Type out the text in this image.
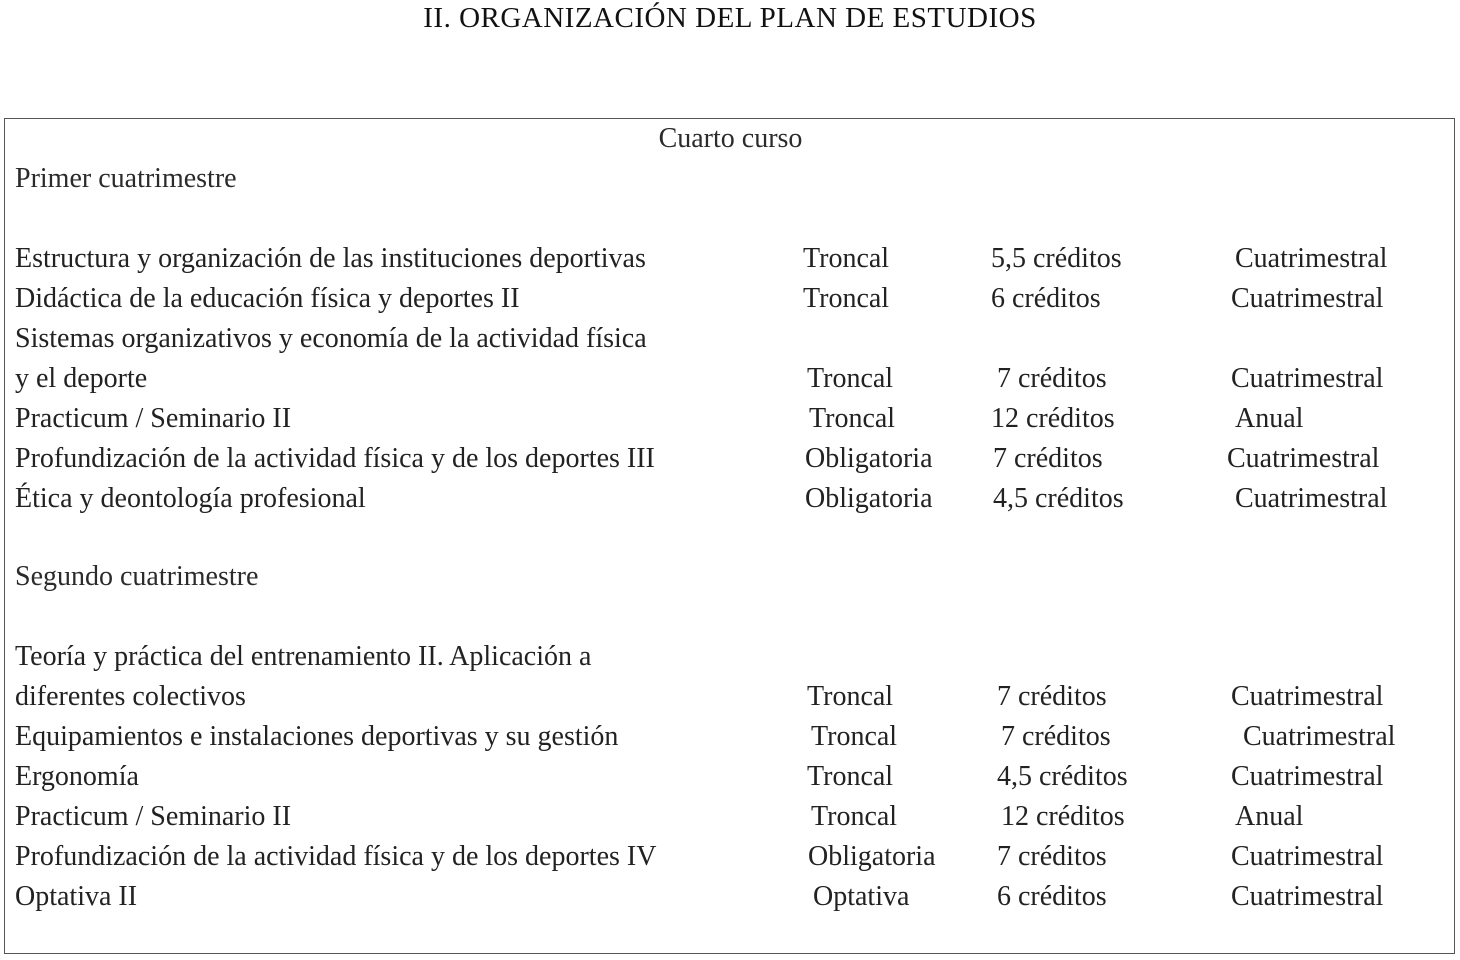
II. ORGANIZACIÓN DEL PLAN DE ESTUDIOS
Cuarto curso
Primer cuatrimestre
Estructura y organización de las instituciones deportivas	Troncal	5,5 créditos	Cuatrimestral
Didáctica de la educación física y deportes II	Troncal	6 créditos	Cuatrimestral
Sistemas organizativos y economía de la actividad física
y el deporte	Troncal	7 créditos	Cuatrimestral
Practicum / Seminario II	Troncal	12 créditos	Anual
Profundización de la actividad física y de los deportes III	Obligatoria 7 créditos	Cuatrimestral
Ética y deontología profesional	Obligatoria 4,5 créditos	Cuatrimestral
Segundo cuatrimestre
Teoría y práctica del entrenamiento II. Aplicación a
diferentes colectivos	Troncal	7 créditos	Cuatrimestral
Equipamientos e instalaciones deportivas y su gestión	Troncal	7 créditos	Cuatrimestral
Ergonomía	Troncal	4,5 créditos	Cuatrimestral
Practicum / Seminario II	Troncal	12 créditos	Anual
Profundización de la actividad física y de los deportes IV	Obligatoria 7 créditos	Cuatrimestral
Optativa II	Optativa	6 créditos	Cuatrimestral
